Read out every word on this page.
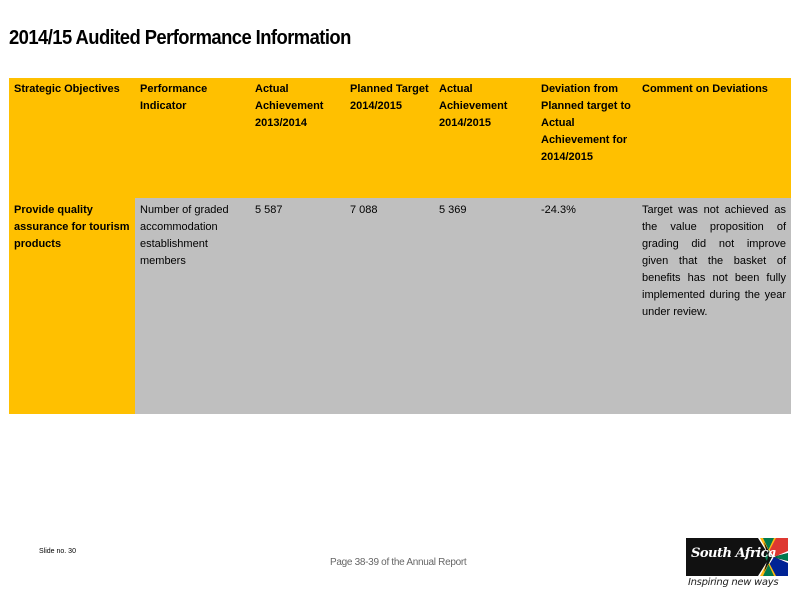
2014/15 Audited Performance Information
Strategic Objectives	Performance Indicator	Actual Achievement 2013/2014	Planned Target 2014/2015	Actual Achievement 2014/2015	Deviation from Planned target to Actual Achievement for 2014/2015	Comment on Deviations
Provide quality assurance for tourism products	Number of graded accommodation establishment members	5 587	7 088	5 369	-24.3%	Target was not achieved as the value proposition of grading did not improve given that the basket of benefits has not been fully implemented during the year under review.
Slide no. 30
Page 38-39 of the Annual Report
South Africa
Inspiring new ways
